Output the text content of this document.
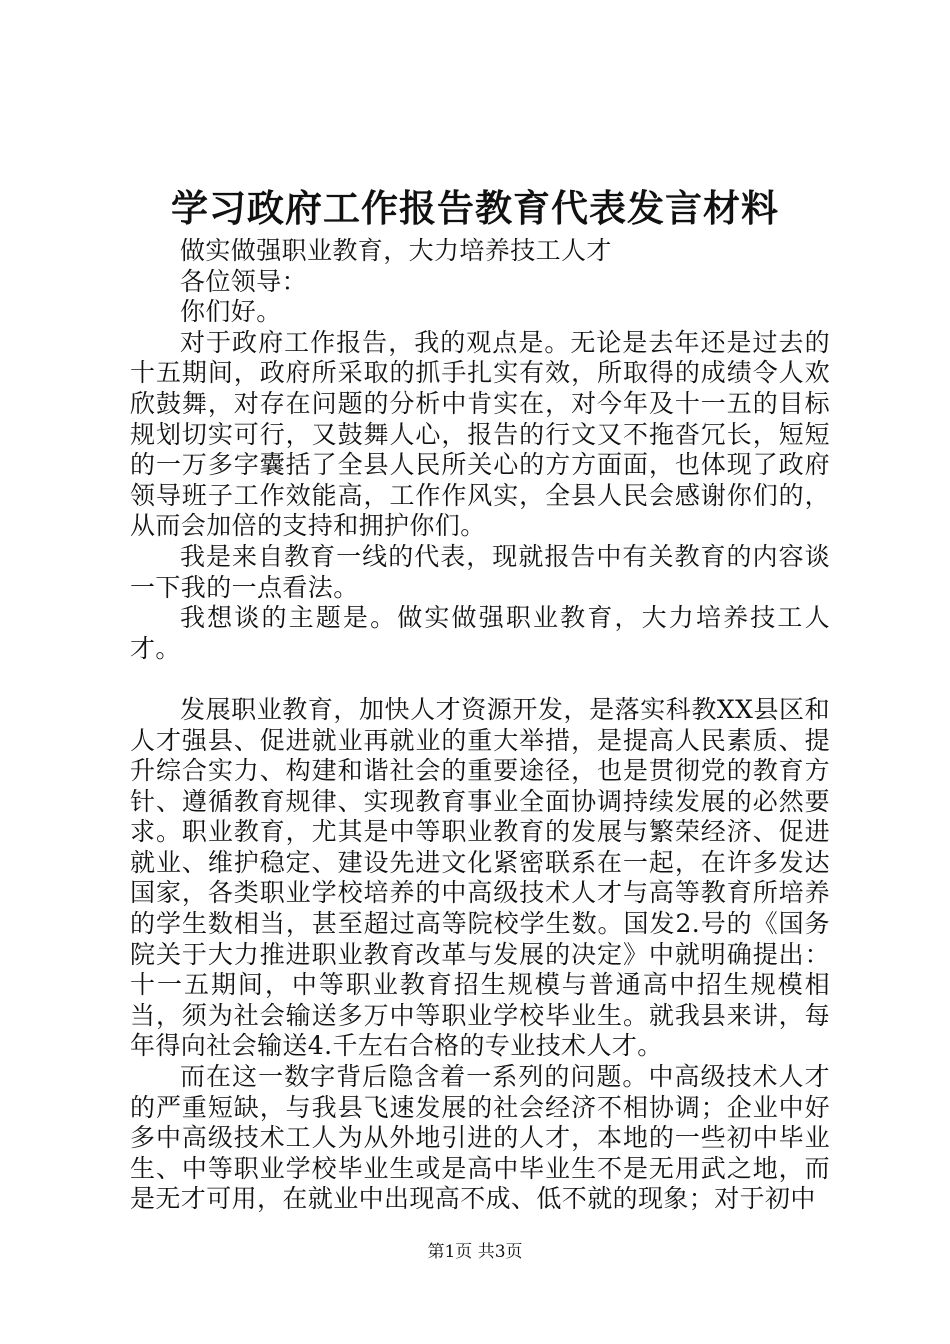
学习政府工作报告教育代表发言材料

做实做强职业教育，大力培养技工人才

各位领导：

你们好。

对于政府工作报告，我的观点是。无论是去年还是过去的十五期间，政府所采取的抓手扎实有效，所取得的成绩令人欢欣鼓舞，对存在问题的分析中肯实在，对今年及十一五的目标规划切实可行，又鼓舞人心，报告的行文又不拖沓冗长，短短的一万多字囊括了全县人民所关心的方方面面，也体现了政府领导班子工作效能高，工作作风实，全县人民会感谢你们的，从而会加倍的支持和拥护你们。

我是来自教育一线的代表，现就报告中有关教育的内容谈一下我的一点看法。

我想谈的主题是。做实做强职业教育，大力培养技工人才。

发展职业教育，加快人才资源开发，是落实科教XX县区和人才强县、促进就业再就业的重大举措，是提高人民素质、提升综合实力、构建和谐社会的重要途径，也是贯彻党的教育方针、遵循教育规律、实现教育事业全面协调持续发展的必然要求。职业教育，尤其是中等职业教育的发展与繁荣经济、促进就业、维护稳定、建设先进文化紧密联系在一起，在许多发达国家，各类职业学校培养的中高级技术人才与高等教育所培养的学生数相当，甚至超过高等院校学生数。国发2.号的《国务院关于大力推进职业教育改革与发展的决定》中就明确提出：十一五期间，中等职业教育招生规模与普通高中招生规模相当，须为社会输送多万中等职业学校毕业生。就我县来讲，每年得向社会输送4.千左右合格的专业技术人才。

而在这一数字背后隐含着一系列的问题。中高级技术人才的严重短缺，与我县飞速发展的社会经济不相协调；企业中好多中高级技术工人为从外地引进的人才，本地的一些初中毕业生、中等职业学校毕业生或是高中毕业生不是无用武之地，而是无才可用，在就业中出现高不成、低不就的现象；对于初中

第1页 共3页
